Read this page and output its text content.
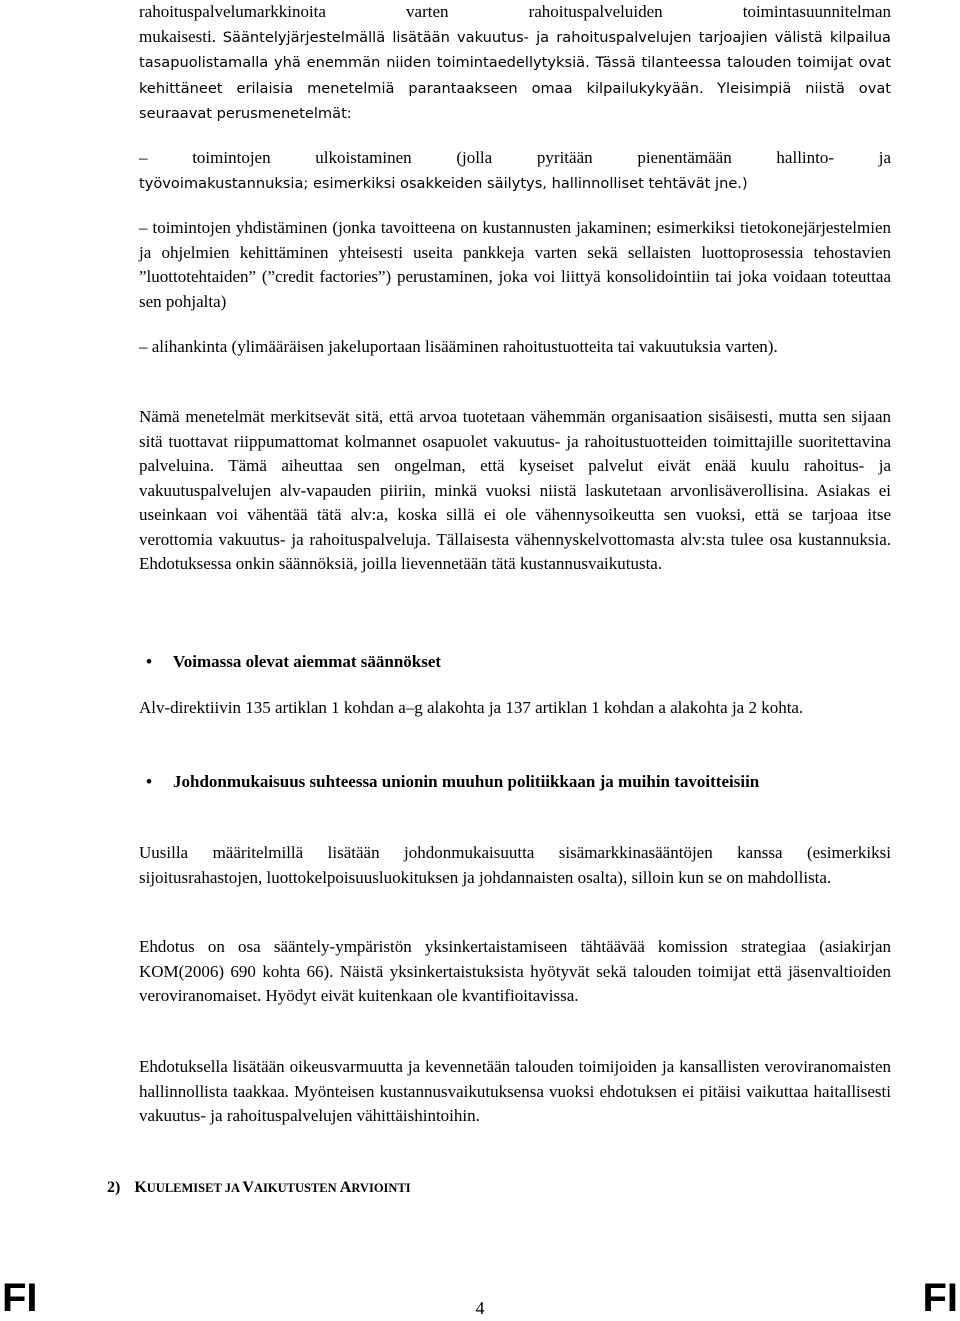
rahoituspalvelumarkkinoita varten rahoituspalveluiden toimintasuunnitelman
mukaisesti. Sääntelyjärjestelmällä lisätään vakuutus- ja rahoituspalvelujen tarjoajien välistä kilpailua tasapuolistamalla yhä enemmän niiden toimintaedellytyksiä. Tässä tilanteessa talouden toimijat ovat kehittäneet erilaisia menetelmiä parantaakseen omaa kilpailukykyään. Yleisimpiä niistä ovat seuraavat perusmenetelmät:

– toimintojen ulkoistaminen (jolla pyritään pienentämään hallinto- ja
työvoimakustannuksia; esimerkiksi osakkeiden säilytys, hallinnolliset tehtävät jne.)

– toimintojen yhdistäminen (jonka tavoitteena on kustannusten jakaminen; esimerkiksi tietokonejärjestelmien ja ohjelmien kehittäminen yhteisesti useita pankkeja varten sekä sellaisten luottoprosessia tehostavien ”luottotehtaiden” (”credit factories”) perustaminen, joka voi liittyä konsolidointiin tai joka voidaan toteuttaa sen pohjalta)

– alihankinta (ylimääräisen jakeluportaan lisääminen rahoitustuotteita tai vakuutuksia varten).

Nämä menetelmät merkitsevät sitä, että arvoa tuotetaan vähemmän organisaation sisäisesti, mutta sen sijaan sitä tuottavat riippumattomat kolmannet osapuolet vakuutus- ja rahoitustuotteiden toimittajille suoritettavina palveluina. Tämä aiheuttaa sen ongelman, että kyseiset palvelut eivät enää kuulu rahoitus- ja vakuutuspalvelujen alv-vapauden piiriin, minkä vuoksi niistä laskutetaan arvonlisäverollisina. Asiakas ei useinkaan voi vähentää tätä alv:a, koska sillä ei ole vähennysoikeutta sen vuoksi, että se tarjoaa itse verottomia vakuutus- ja rahoituspalveluja. Tällaisesta vähennyskelvottomasta alv:sta tulee osa kustannuksia. Ehdotuksessa onkin säännöksiä, joilla lievennetään tätä kustannusvaikutusta.

•	Voimassa olevat aiemmat säännökset

Alv-direktiivin 135 artiklan 1 kohdan a–g alakohta ja 137 artiklan 1 kohdan a alakohta ja 2 kohta.

•	Johdonmukaisuus suhteessa unionin muuhun politiikkaan ja muihin tavoitteisiin

Uusilla määritelmillä lisätään johdonmukaisuutta sisämarkkinasääntöjen kanssa (esimerkiksi sijoitusrahastojen, luottokelpoisuusluokituksen ja johdannaisten osalta), silloin kun se on mahdollista.

Ehdotus on osa sääntely-ympäristön yksinkertaistamiseen tähtäävää komission strategiaa (asiakirjan KOM(2006) 690 kohta 66). Näistä yksinkertaistuksista hyötyvät sekä talouden toimijat että jäsenvaltioiden veroviranomaiset. Hyödyt eivät kuitenkaan ole kvantifioitavissa.

Ehdotuksella lisätään oikeusvarmuutta ja kevennetään talouden toimijoiden ja kansallisten veroviranomaisten hallinnollista taakkaa. Myönteisen kustannusvaikutuksensa vuoksi ehdotuksen ei pitäisi vaikuttaa haitallisesti vakuutus- ja rahoituspalvelujen vähittäishintoihin.

2) KUULEMISET JA VAIKUTUSTEN ARVIOINTI
FI	4	FI
